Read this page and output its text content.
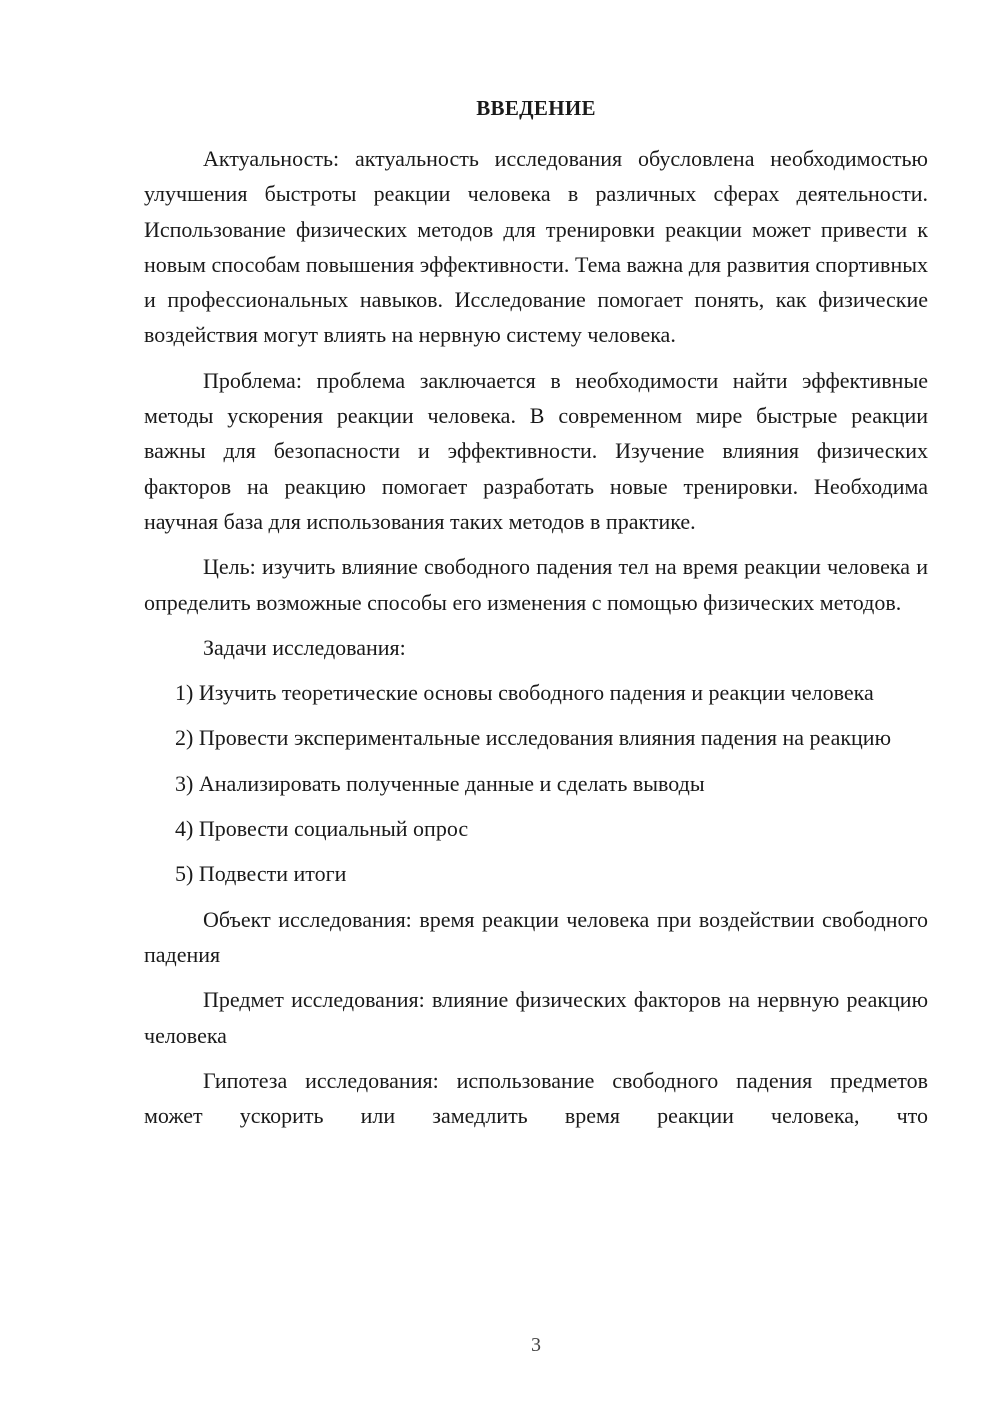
ВВЕДЕНИЕ

Актуальность: актуальность исследования обусловлена необходимостью улучшения быстроты реакции человека в различных сферах деятельности. Использование физических методов для тренировки реакции может привести к новым способам повышения эффективности. Тема важна для развития спортивных и профессиональных навыков. Исследование помогает понять, как физические воздействия могут влиять на нервную систему человека.

Проблема: проблема заключается в необходимости найти эффективные методы ускорения реакции человека. В современном мире быстрые реакции важны для безопасности и эффективности. Изучение влияния физических факторов на реакцию помогает разработать новые тренировки. Необходима научная база для использования таких методов в практике.

Цель: изучить влияние свободного падения тел на время реакции человека и определить возможные способы его изменения с помощью физических методов.

Задачи исследования:

1) Изучить теоретические основы свободного падения и реакции человека

2) Провести экспериментальные исследования влияния падения на реакцию

3) Анализировать полученные данные и сделать выводы

4) Провести социальный опрос

5) Подвести итоги

Объект исследования: время реакции человека при воздействии свободного падения

Предмет исследования: влияние физических факторов на нервную реакцию человека

Гипотеза исследования: использование свободного падения предметов может ускорить или замедлить время реакции человека, что

3
